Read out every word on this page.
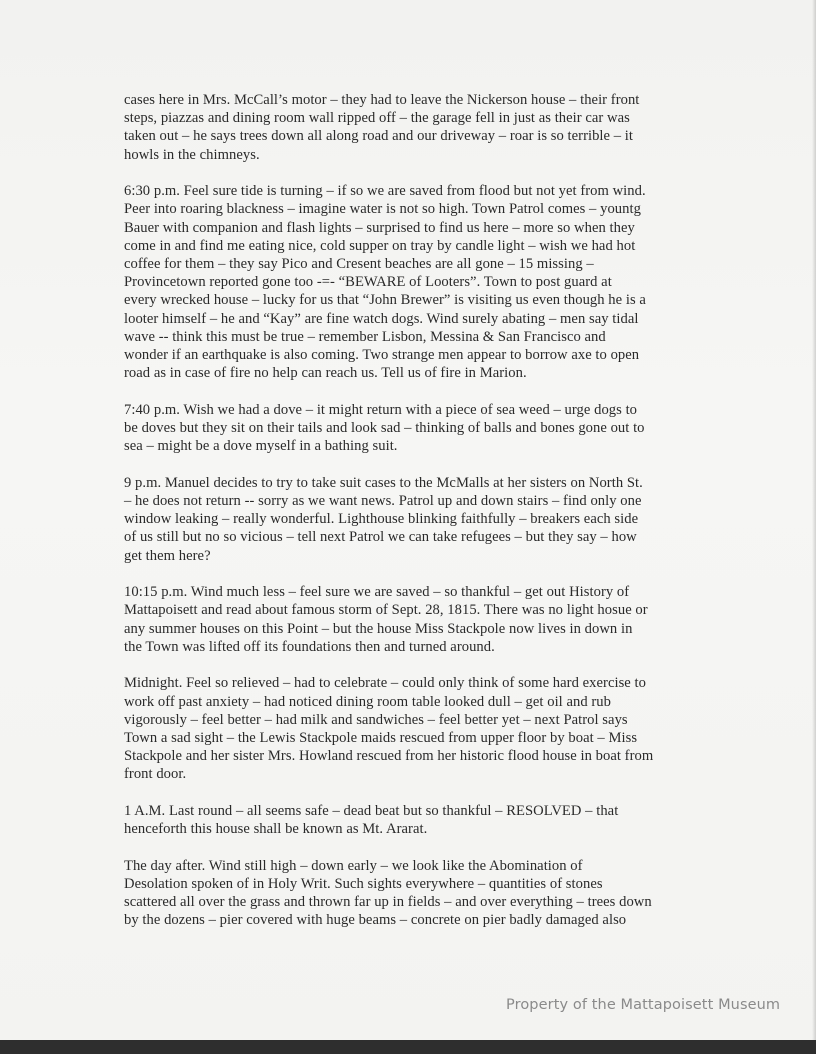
cases here in Mrs. McCall’s motor – they had to leave the Nickerson house – their front
steps, piazzas and dining room wall ripped off – the garage fell in just as their car was
taken out – he says trees down all along road and our driveway – roar is so terrible – it
howls in the chimneys.

6:30 p.m. Feel sure tide is turning – if so we are saved from flood but not yet from wind.
Peer into roaring blackness – imagine water is not so high. Town Patrol comes – yountg
Bauer with companion and flash lights – surprised to find us here – more so when they
come in and find me eating nice, cold supper on tray by candle light – wish we had hot
coffee for them – they say Pico and Cresent beaches are all gone – 15 missing –
Provincetown reported gone too -=- “BEWARE of Looters”. Town to post guard at
every wrecked house – lucky for us that “John Brewer” is visiting us even though he is a
looter himself – he and “Kay” are fine watch dogs. Wind surely abating – men say tidal
wave -- think this must be true – remember Lisbon, Messina & San Francisco and
wonder if an earthquake is also coming. Two strange men appear to borrow axe to open
road as in case of fire no help can reach us. Tell us of fire in Marion.

7:40 p.m. Wish we had a dove – it might return with a piece of sea weed – urge dogs to
be doves but they sit on their tails and look sad – thinking of balls and bones gone out to
sea – might be a dove myself in a bathing suit.

9 p.m. Manuel decides to try to take suit cases to the McMalls at her sisters on North St.
– he does not return -- sorry as we want news. Patrol up and down stairs – find only one
window leaking – really wonderful. Lighthouse blinking faithfully – breakers each side
of us still but no so vicious – tell next Patrol we can take refugees – but they say – how
get them here?

10:15 p.m. Wind much less – feel sure we are saved – so thankful – get out History of
Mattapoisett and read about famous storm of Sept. 28, 1815. There was no light hosue or
any summer houses on this Point – but the house Miss Stackpole now lives in down in
the Town was lifted off its foundations then and turned around.

Midnight. Feel so relieved – had to celebrate – could only think of some hard exercise to
work off past anxiety – had noticed dining room table looked dull – get oil and rub
vigorously – feel better – had milk and sandwiches – feel better yet – next Patrol says
Town a sad sight – the Lewis Stackpole maids rescued from upper floor by boat – Miss
Stackpole and her sister Mrs. Howland rescued from her historic flood house in boat from
front door.

1 A.M. Last round – all seems safe – dead beat but so thankful – RESOLVED – that
henceforth this house shall be known as Mt. Ararat.

The day after. Wind still high – down early – we look like the Abomination of
Desolation spoken of in Holy Writ. Such sights everywhere – quantities of stones
scattered all over the grass and thrown far up in fields – and over everything – trees down
by the dozens – pier covered with huge beams – concrete on pier badly damaged also

Property of the Mattapoisett Museum
